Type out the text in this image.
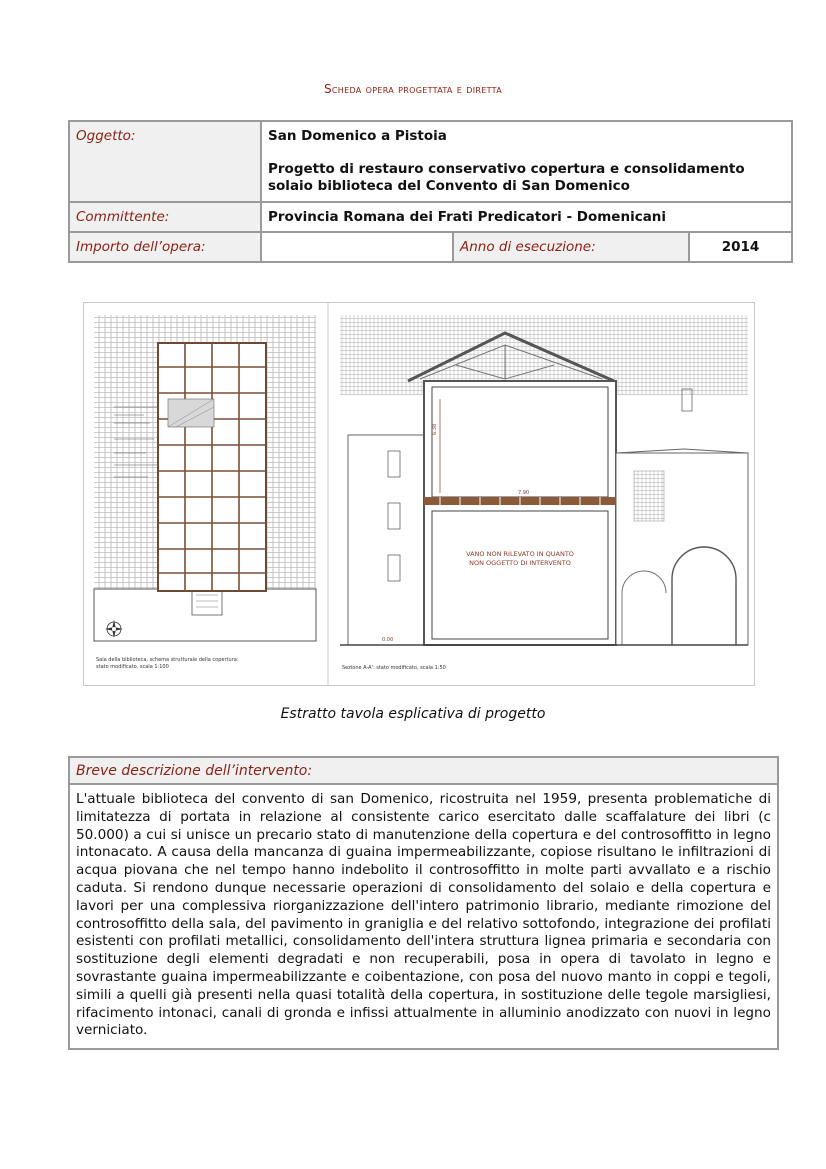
Scheda opera progettata e diretta
Oggetto:	San Domenico a Pistoia

Progetto di restauro conservativo copertura e consolidamento solaio biblioteca del Convento di San Domenico		

Committente:	Provincia Romana dei Frati Predicatori - Domenicani		
Importo dell’opera:		Anno di esecuzione:	2014
Sala della biblioteca, schema strutturale della copertura:
stato modificato, scala 1:100
VANO NON RILEVATO IN QUANTO
NON OGGETTO DI INTERVENTO
6.38
7.90
0.00
Sezione A-A': stato modificato, scala 1:50
Estratto tavola esplicativa di progetto
Breve descrizione dell’intervento:
L'attuale biblioteca del convento di san Domenico, ricostruita nel 1959, presenta problematiche di limitatezza di portata in relazione al consistente carico esercitato dalle scaffalature dei libri (c 50.000) a cui si unisce un precario stato di manutenzione della copertura e del controsoffitto in legno intonacato. A causa della mancanza di guaina impermeabilizzante, copiose risultano le infiltrazioni di acqua piovana che nel tempo hanno indebolito il controsoffitto in molte parti avvallato e a rischio caduta. Si rendono dunque necessarie operazioni di consolidamento del solaio e della copertura e lavori per una complessiva riorganizzazione dell'intero patrimonio librario, mediante rimozione del controsoffitto della sala, del pavimento in graniglia e del relativo sottofondo, integrazione dei profilati esistenti con profilati metallici, consolidamento dell'intera struttura lignea primaria e secondaria con sostituzione degli elementi degradati e non recuperabili, posa in opera di tavolato in legno e sovrastante guaina impermeabilizzante e coibentazione, con posa del nuovo manto in coppi e tegoli, simili a quelli già presenti nella quasi totalità della copertura, in sostituzione delle tegole marsigliesi, rifacimento intonaci, canali di gronda e infissi attualmente in alluminio anodizzato con nuovi in legno verniciato.
